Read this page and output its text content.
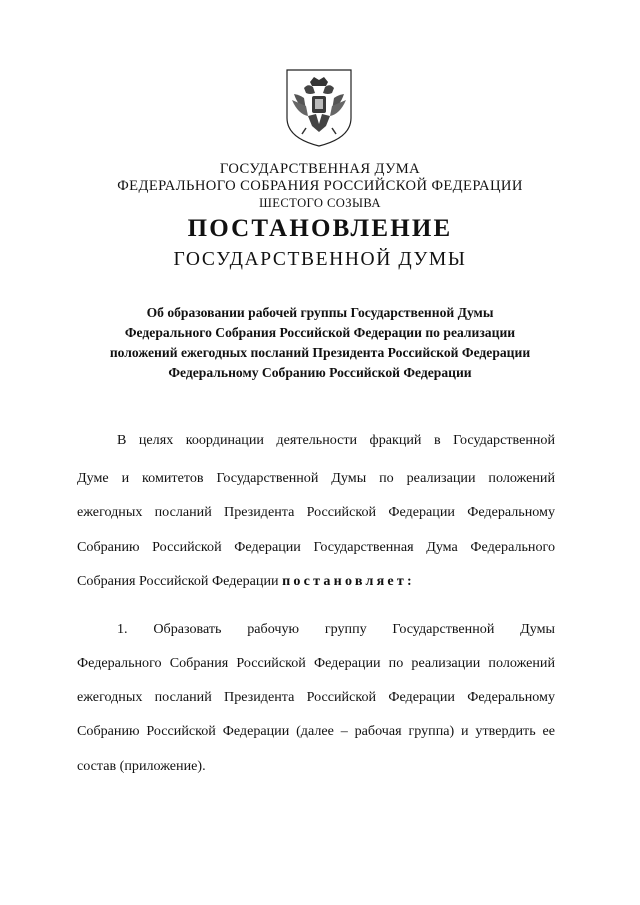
ГОСУДАРСТВЕННАЯ ДУМА
ФЕДЕРАЛЬНОГО СОБРАНИЯ РОССИЙСКОЙ ФЕДЕРАЦИИ
ШЕСТОГО СОЗЫВА
ПОСТАНОВЛЕНИЕ
ГОСУДАРСТВЕННОЙ ДУМЫ
Об образовании рабочей группы Государственной Думы
Федерального Собрания Российской Федерации по реализации
положений ежегодных посланий Президента Российской Федерации
Федеральному Собранию Российской Федерации
В целях координации деятельности фракций в Государственной
Думе и комитетов Государственной Думы по реализации положений
ежегодных посланий Президента Российской Федерации Федеральному
Собранию Российской Федерации Государственная Дума Федерального
Собрания Российской Федерации постановляет:
1. Образовать рабочую группу Государственной Думы
Федерального Собрания Российской Федерации по реализации положений
ежегодных посланий Президента Российской Федерации Федеральному
Собранию Российской Федерации (далее – рабочая группа) и утвердить ее
состав (приложение).
